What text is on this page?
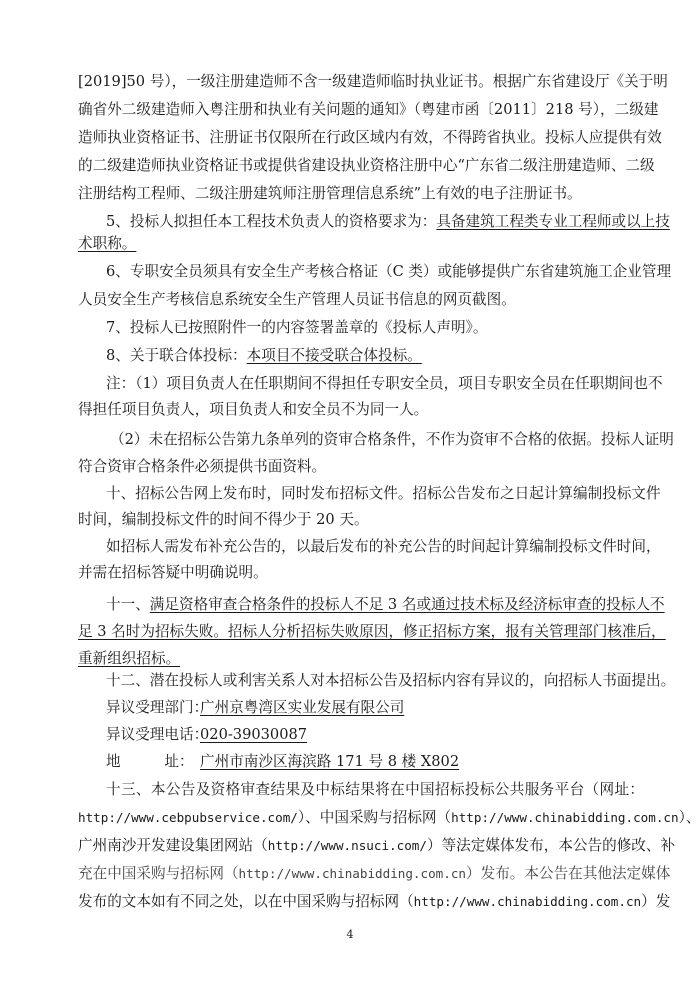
[2019]50 号），一级注册建造师不含一级建造师临时执业证书。根据广东省建设厅《关于明
确省外二级建造师入粤注册和执业有关问题的通知》（粤建市函〔2011〕218 号），二级建
造师执业资格证书、注册证书仅限所在行政区域内有效，不得跨省执业。投标人应提供有效
的二级建造师执业资格证书或提供省建设执业资格注册中心“广东省二级注册建造师、二级
注册结构工程师、二级注册建筑师注册管理信息系统”上有效的电子注册证书。
5、投标人拟担任本工程技术负责人的资格要求为：具备建筑工程类专业工程师或以上技
术职称。
6、专职安全员须具有安全生产考核合格证（C 类）或能够提供广东省建筑施工企业管理
人员安全生产考核信息系统安全生产管理人员证书信息的网页截图。
7、投标人已按照附件一的内容签署盖章的《投标人声明》。
8、关于联合体投标：本项目不接受联合体投标。
注：（1）项目负责人在任职期间不得担任专职安全员，项目专职安全员在任职期间也不
得担任项目负责人，项目负责人和安全员不为同一人。
（2）未在招标公告第九条单列的资审合格条件，不作为资审不合格的依据。投标人证明
符合资审合格条件必须提供书面资料。
十、招标公告网上发布时，同时发布招标文件。招标公告发布之日起计算编制投标文件
时间，编制投标文件的时间不得少于 20 天。
如招标人需发布补充公告的，以最后发布的补充公告的时间起计算编制投标文件时间，
并需在招标答疑中明确说明。
十一、满足资格审查合格条件的投标人不足 3 名或通过技术标及经济标审查的投标人不
足 3 名时为招标失败。招标人分析招标失败原因，修正招标方案，报有关管理部门核准后，
重新组织招标。
十二、潜在投标人或利害关系人对本招标公告及招标内容有异议的，向招标人书面提出。
异议受理部门：广州京粤湾区实业发展有限公司
异议受理电话：020-39030087
地　　　址： 广州市南沙区海滨路 171 号 8 楼 X802
十三、本公告及资格审查结果及中标结果将在中国招标投标公共服务平台（网址：
http://www.cebpubservice.com/）、中国采购与招标网（http://www.chinabidding.com.cn）、
广州南沙开发建设集团网站（http://www.nsuci.com/）等法定媒体发布，本公告的修改、补
充在中国采购与招标网（http://www.chinabidding.com.cn）发布。本公告在其他法定媒体
发布的文本如有不同之处，以在中国采购与招标网（http://www.chinabidding.com.cn）发
4
